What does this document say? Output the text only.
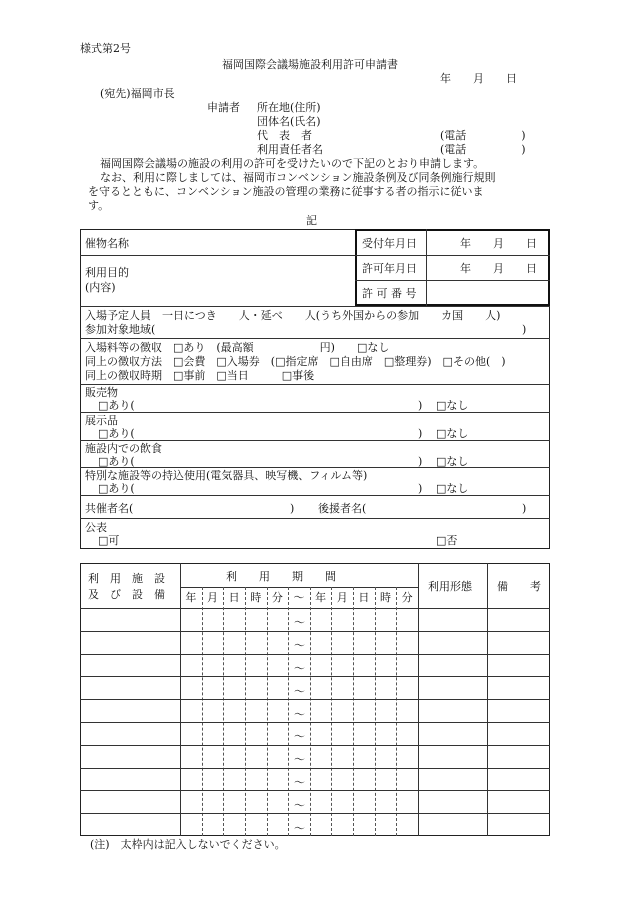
様式第2号
福岡国際会議場施設利用許可申請書
年　　月　　日
(宛先)福岡市長
申請者 所在地(住所)
団体名(氏名)
代　表　者	(電話　　　　　)
利用責任者名	(電話　　　　　)
福岡国際会議場の施設の利用の許可を受けたいので下記のとおり申請します。
なお、利用に際しましては、福岡市コンベンション施設条例及び同条例施行規則
を守るとともに、コンベンション施設の管理の業務に従事する者の指示に従いま
す。
記
催物名称
利用目的
(内容)
受付年月日	年　　月　　日
許可年月日	年　　月　　日
許 可 番 号
入場予定人員　一日につき　　人・延べ　　人(うち外国からの参加　　カ国　　人)
参加対象地域(	)
入場料等の徴収　□あり　(最高額　　　　　　円)　　□なし
同上の徴収方法　□会費　□入場券　(□指定席　□自由席　□整理券)　□その他(　)
同上の徴収時期　□事前　□当日　　　□事後
販売物
□あり(	) □なし
展示品
□あり(	) □なし
施設内での飲食
□あり(	) □なし
特別な施設等の持込使用(電気器具、映写機、フィルム等)
□あり(	) □なし
共催者名(	) 後援者名(	)
公表
□可	□否
利　用　施　設
及　び　設　備
利　　用　　期　　間
利用形態 備　　考
年 月 日 時 分 〜 年 月 日 時 分
〜
〜
〜
〜
〜
〜
〜
〜
〜
〜
(注)　太枠内は記入しないでください。
